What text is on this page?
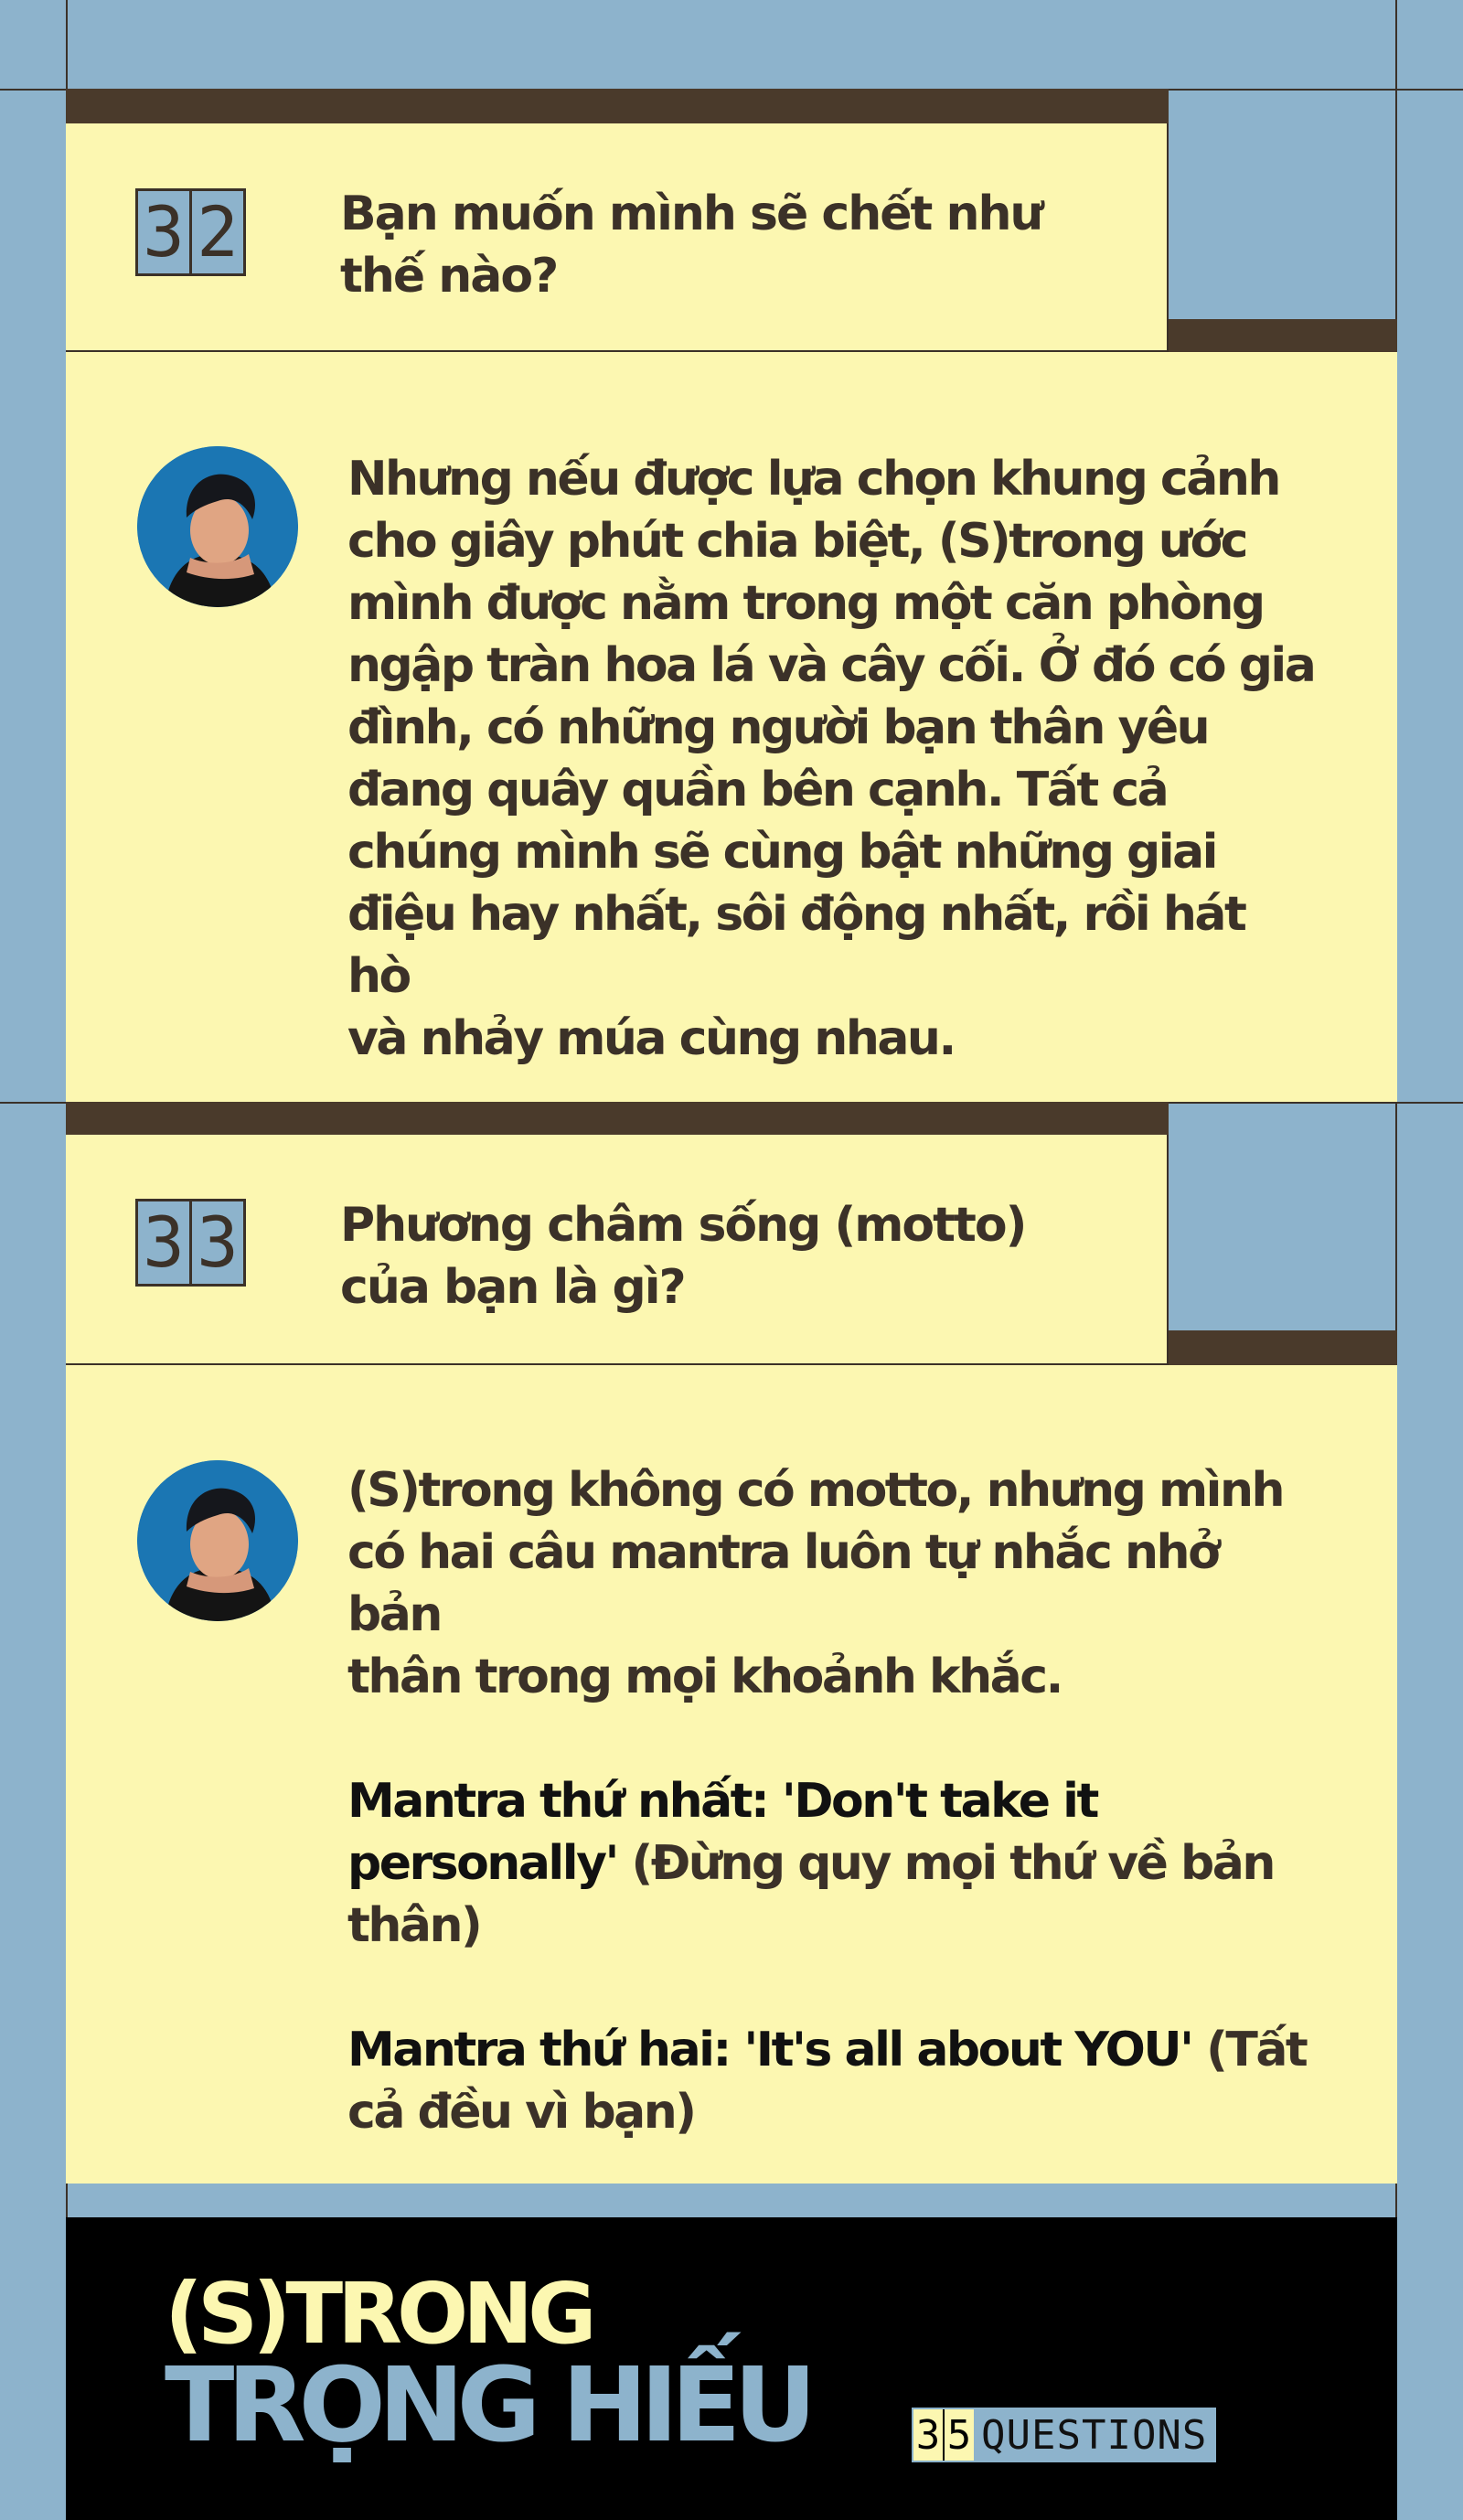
3 2 Bạn muốn mình sẽ chết như
thế nào?
Nhưng nếu được lựa chọn khung cảnh
cho giây phút chia biệt, (S)trong ước
mình được nằm trong một căn phòng
ngập tràn hoa lá và cây cối. Ở đó có gia
đình, có những người bạn thân yêu
đang quây quần bên cạnh. Tất cả
chúng mình sẽ cùng bật những giai
điệu hay nhất, sôi động nhất, rồi hát hò
và nhảy múa cùng nhau.
3 3 Phương châm sống (motto)
của bạn là gì?

(S)trong không có motto, nhưng mình
có hai câu mantra luôn tự nhắc nhở bản
thân trong mọi khoảnh khắc.

Mantra thứ nhất: 'Don't take it
personally' (Đừng quy mọi thứ về bản
thân)

Mantra thứ hai: 'It's all about YOU' (Tất
cả đều vì bạn)

(S)TRONG
TRỌNG HIẾU	3 5 QUESTIONS
